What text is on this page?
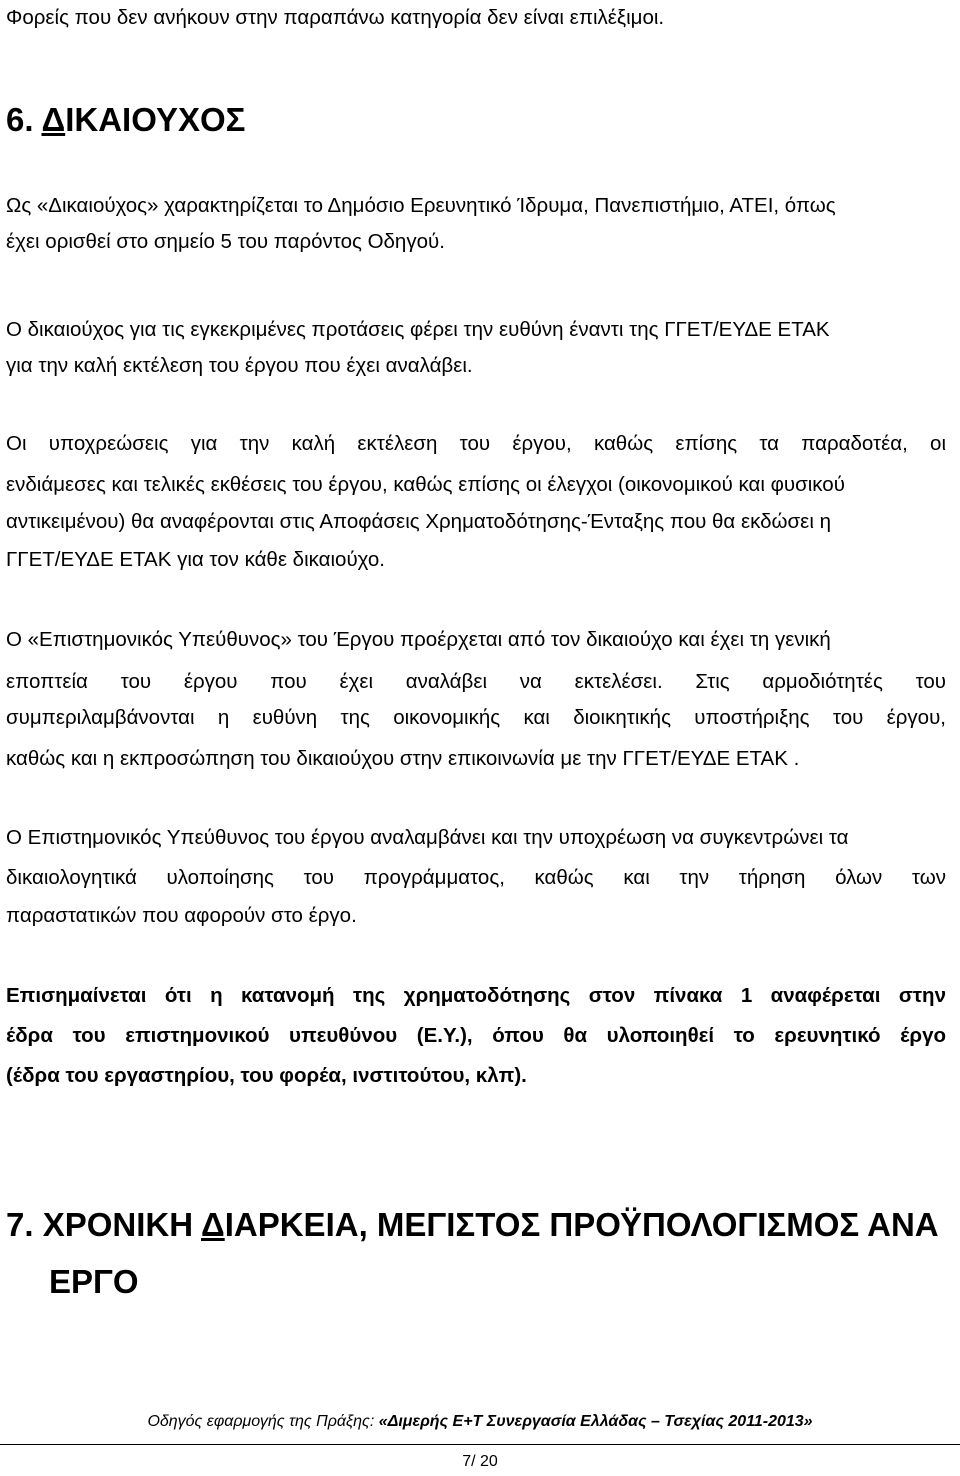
Φορείς που δεν ανήκουν στην παραπάνω κατηγορία δεν είναι επιλέξιμοι.
6. ΔΙΚΑΙΟΥΧΟΣ
Ως «Δικαιούχος» χαρακτηρίζεται το Δημόσιο Ερευνητικό Ίδρυμα, Πανεπιστήμιο, ΑΤΕΙ, όπως
έχει ορισθεί στο σημείο 5 του παρόντος Οδηγού.
Ο δικαιούχος για τις εγκεκριμένες προτάσεις φέρει την ευθύνη έναντι της ΓΓΕΤ/ΕΥΔΕ ΕΤΑΚ
για την καλή εκτέλεση του έργου που έχει αναλάβει.
Οι υποχρεώσεις για την καλή εκτέλεση του έργου, καθώς επίσης τα παραδοτέα, οι
ενδιάμεσες και τελικές εκθέσεις του έργου, καθώς επίσης οι έλεγχοι (οικονομικού και φυσικού
αντικειμένου) θα αναφέρονται στις Αποφάσεις Χρηματοδότησης-Ένταξης που θα εκδώσει η
ΓΓΕΤ/ΕΥΔΕ ΕΤΑΚ για τον κάθε δικαιούχο.
Ο «Επιστημονικός Υπεύθυνος» του Έργου προέρχεται από τον δικαιούχο και έχει τη γενική
εποπτεία του έργου που έχει αναλάβει να εκτελέσει. Στις αρμοδιότητές του
συμπεριλαμβάνονται η ευθύνη της οικονομικής και διοικητικής υποστήριξης του έργου,
καθώς και η εκπροσώπηση του δικαιούχου στην επικοινωνία με την ΓΓΕΤ/ΕΥΔΕ ΕΤΑΚ .
Ο Επιστημονικός Υπεύθυνος του έργου αναλαμβάνει και την υποχρέωση να συγκεντρώνει τα
δικαιολογητικά υλοποίησης του προγράμματος, καθώς και την τήρηση όλων των
παραστατικών που αφορούν στο έργο.
Επισημαίνεται ότι η κατανομή της χρηματοδότησης στον πίνακα 1 αναφέρεται στην
έδρα του επιστημονικού υπευθύνου (Ε.Υ.), όπου θα υλοποιηθεί το ερευνητικό έργο
(έδρα του εργαστηρίου, του φορέα, ινστιτούτου, κλπ).
7. ΧΡΟΝΙΚΗ ΔΙΑΡΚΕΙΑ, ΜΕΓΙΣΤΟΣ ΠΡΟΫΠΟΛΟΓΙΣΜΟΣ ΑΝΑ
ΕΡΓΟ
Οδηγός εφαρμογής της Πράξης: «Διμερής Ε+Τ Συνεργασία Ελλάδας – Τσεχίας 2011-2013»
7/ 20
